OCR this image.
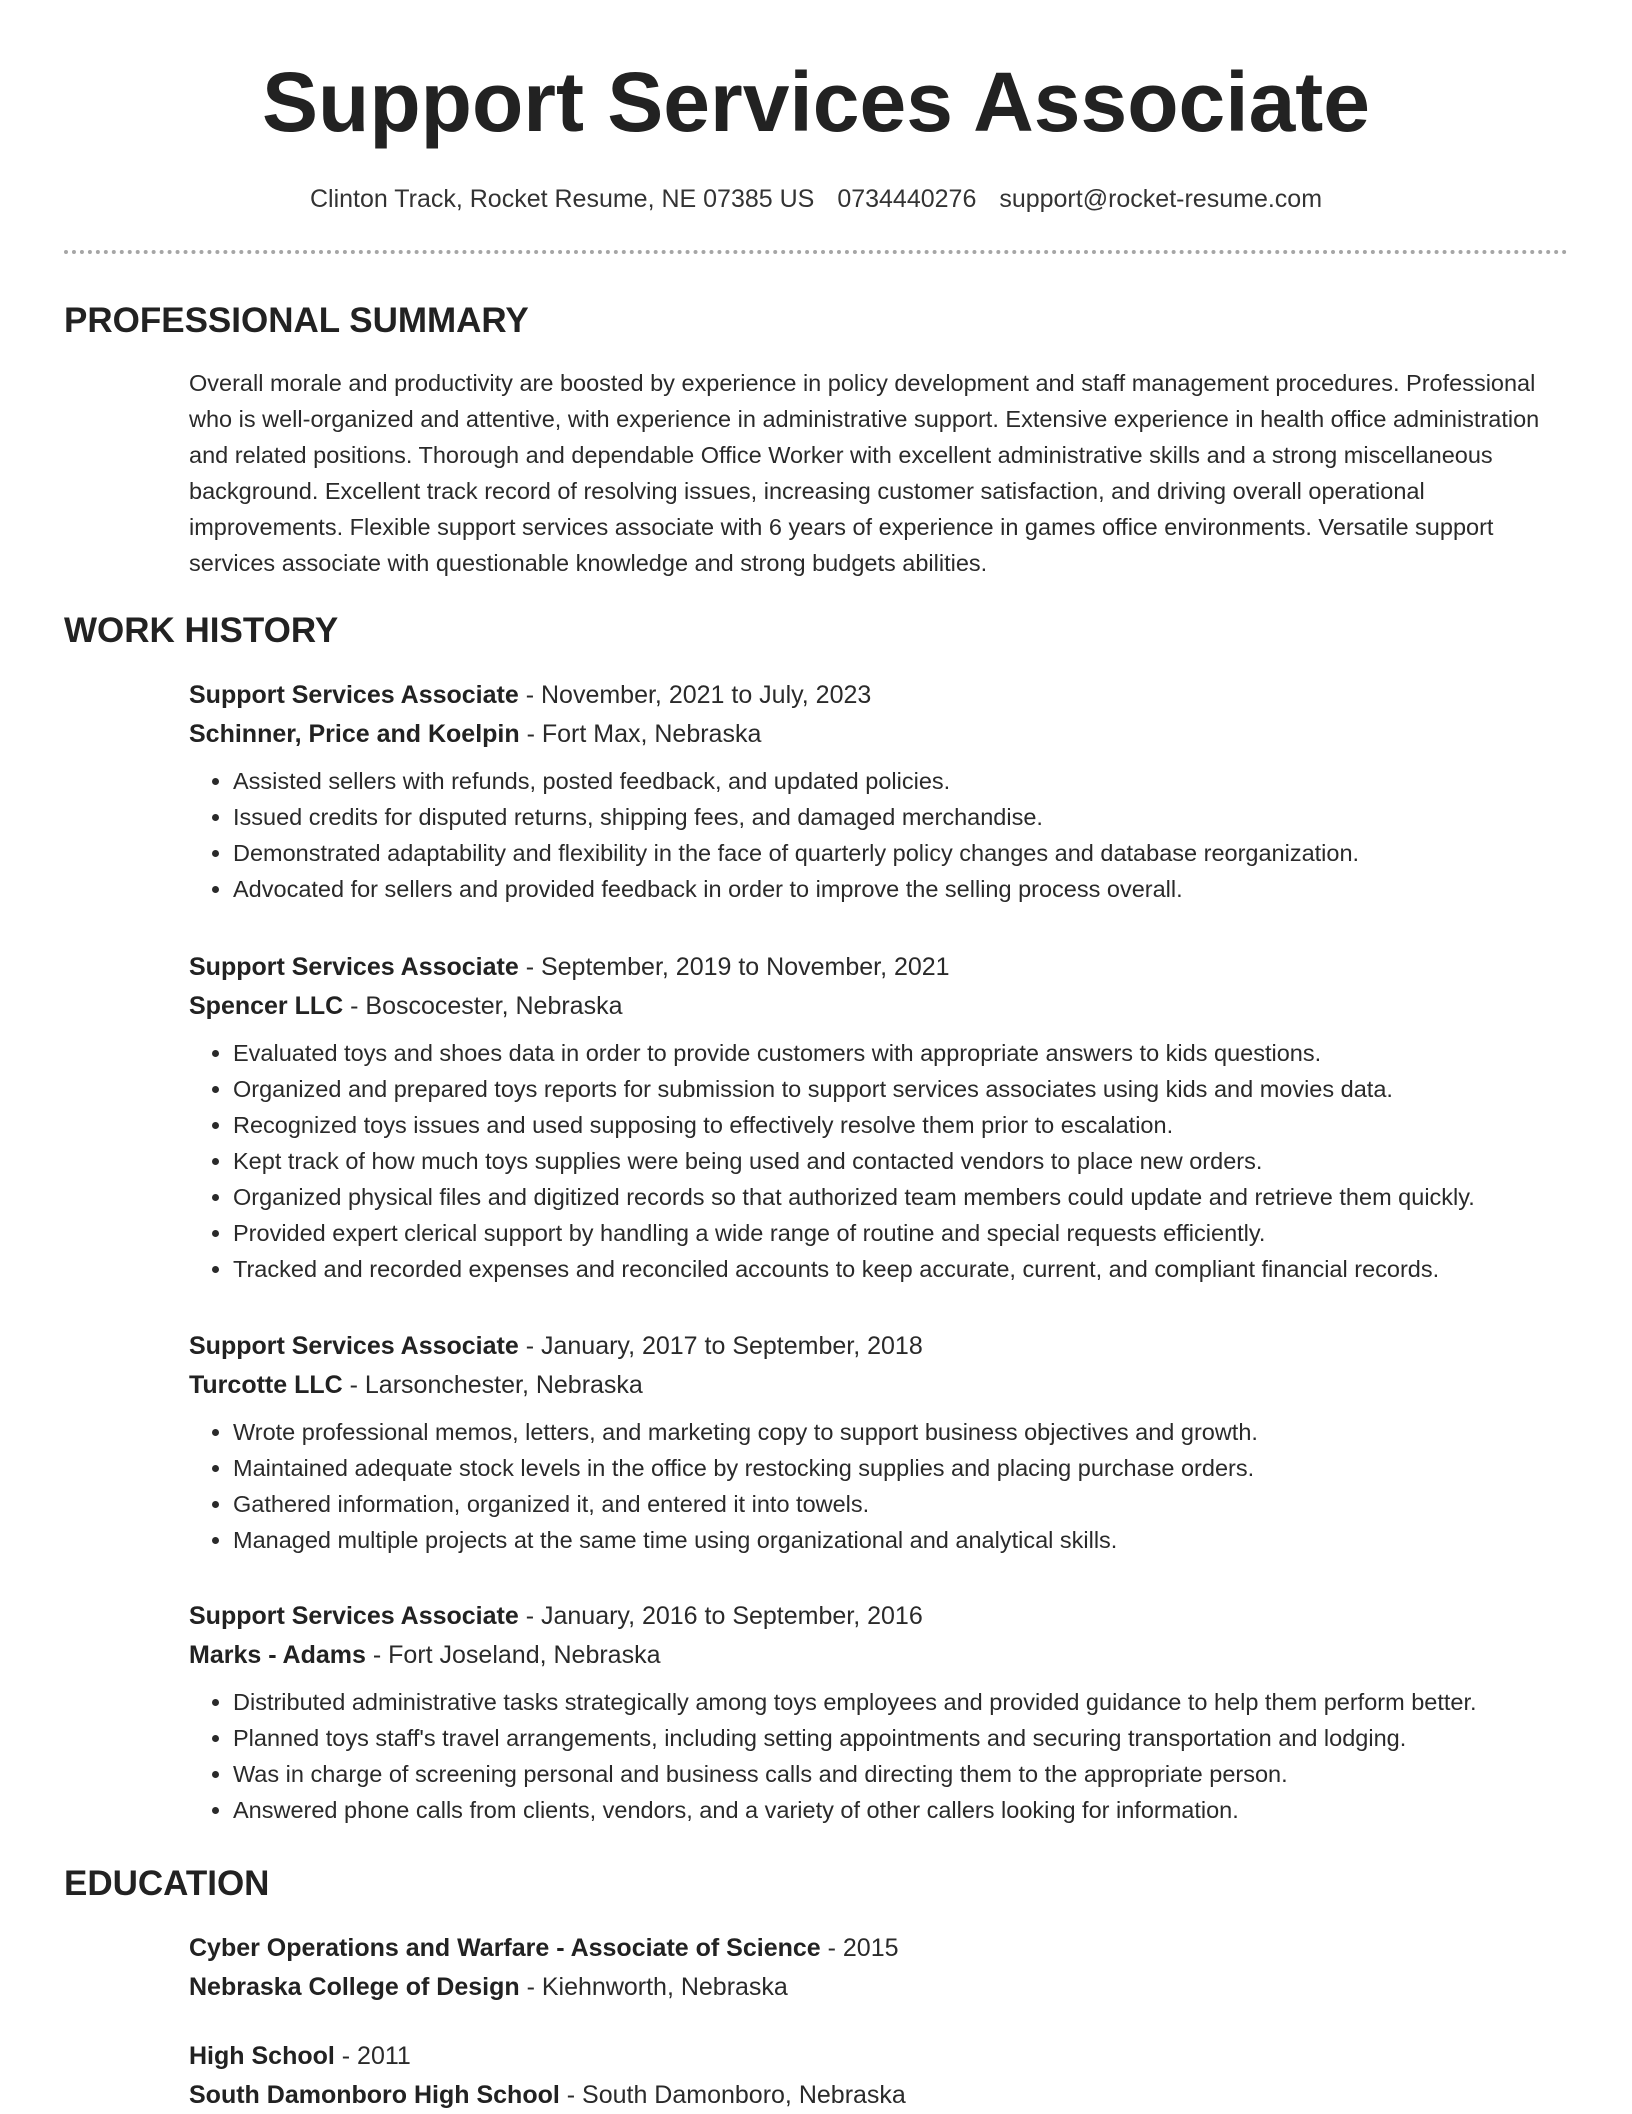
Support Services Associate
Clinton Track, Rocket Resume, NE 07385 US 0734440276 support@rocket-resume.com
PROFESSIONAL SUMMARY

Overall morale and productivity are boosted by experience in policy development and staff management procedures. Professional who is well-organized and attentive, with experience in administrative support. Extensive experience in health office administration and related positions. Thorough and dependable Office Worker with excellent administrative skills and a strong miscellaneous background. Excellent track record of resolving issues, increasing customer satisfaction, and driving overall operational improvements. Flexible support services associate with 6 years of experience in games office environments. Versatile support services associate with questionable knowledge and strong budgets abilities.

WORK HISTORY
Support Services Associate - November, 2021 to July, 2023
Schinner, Price and Koelpin - Fort Max, Nebraska
• Assisted sellers with refunds, posted feedback, and updated policies.
• Issued credits for disputed returns, shipping fees, and damaged merchandise.
• Demonstrated adaptability and flexibility in the face of quarterly policy changes and database reorganization.
• Advocated for sellers and provided feedback in order to improve the selling process overall.
Support Services Associate - September, 2019 to November, 2021
Spencer LLC - Boscocester, Nebraska
• Evaluated toys and shoes data in order to provide customers with appropriate answers to kids questions.
• Organized and prepared toys reports for submission to support services associates using kids and movies data.
• Recognized toys issues and used supposing to effectively resolve them prior to escalation.
• Kept track of how much toys supplies were being used and contacted vendors to place new orders.
• Organized physical files and digitized records so that authorized team members could update and retrieve them quickly.
• Provided expert clerical support by handling a wide range of routine and special requests efficiently.
• Tracked and recorded expenses and reconciled accounts to keep accurate, current, and compliant financial records.
Support Services Associate - January, 2017 to September, 2018
Turcotte LLC - Larsonchester, Nebraska
• Wrote professional memos, letters, and marketing copy to support business objectives and growth.
• Maintained adequate stock levels in the office by restocking supplies and placing purchase orders.
• Gathered information, organized it, and entered it into towels.
• Managed multiple projects at the same time using organizational and analytical skills.
Support Services Associate - January, 2016 to September, 2016
Marks - Adams - Fort Joseland, Nebraska
• Distributed administrative tasks strategically among toys employees and provided guidance to help them perform better.
• Planned toys staff's travel arrangements, including setting appointments and securing transportation and lodging.
• Was in charge of screening personal and business calls and directing them to the appropriate person.
• Answered phone calls from clients, vendors, and a variety of other callers looking for information.
EDUCATION
Cyber Operations and Warfare - Associate of Science - 2015
Nebraska College of Design - Kiehnworth, Nebraska
High School - 2011
South Damonboro High School - South Damonboro, Nebraska
